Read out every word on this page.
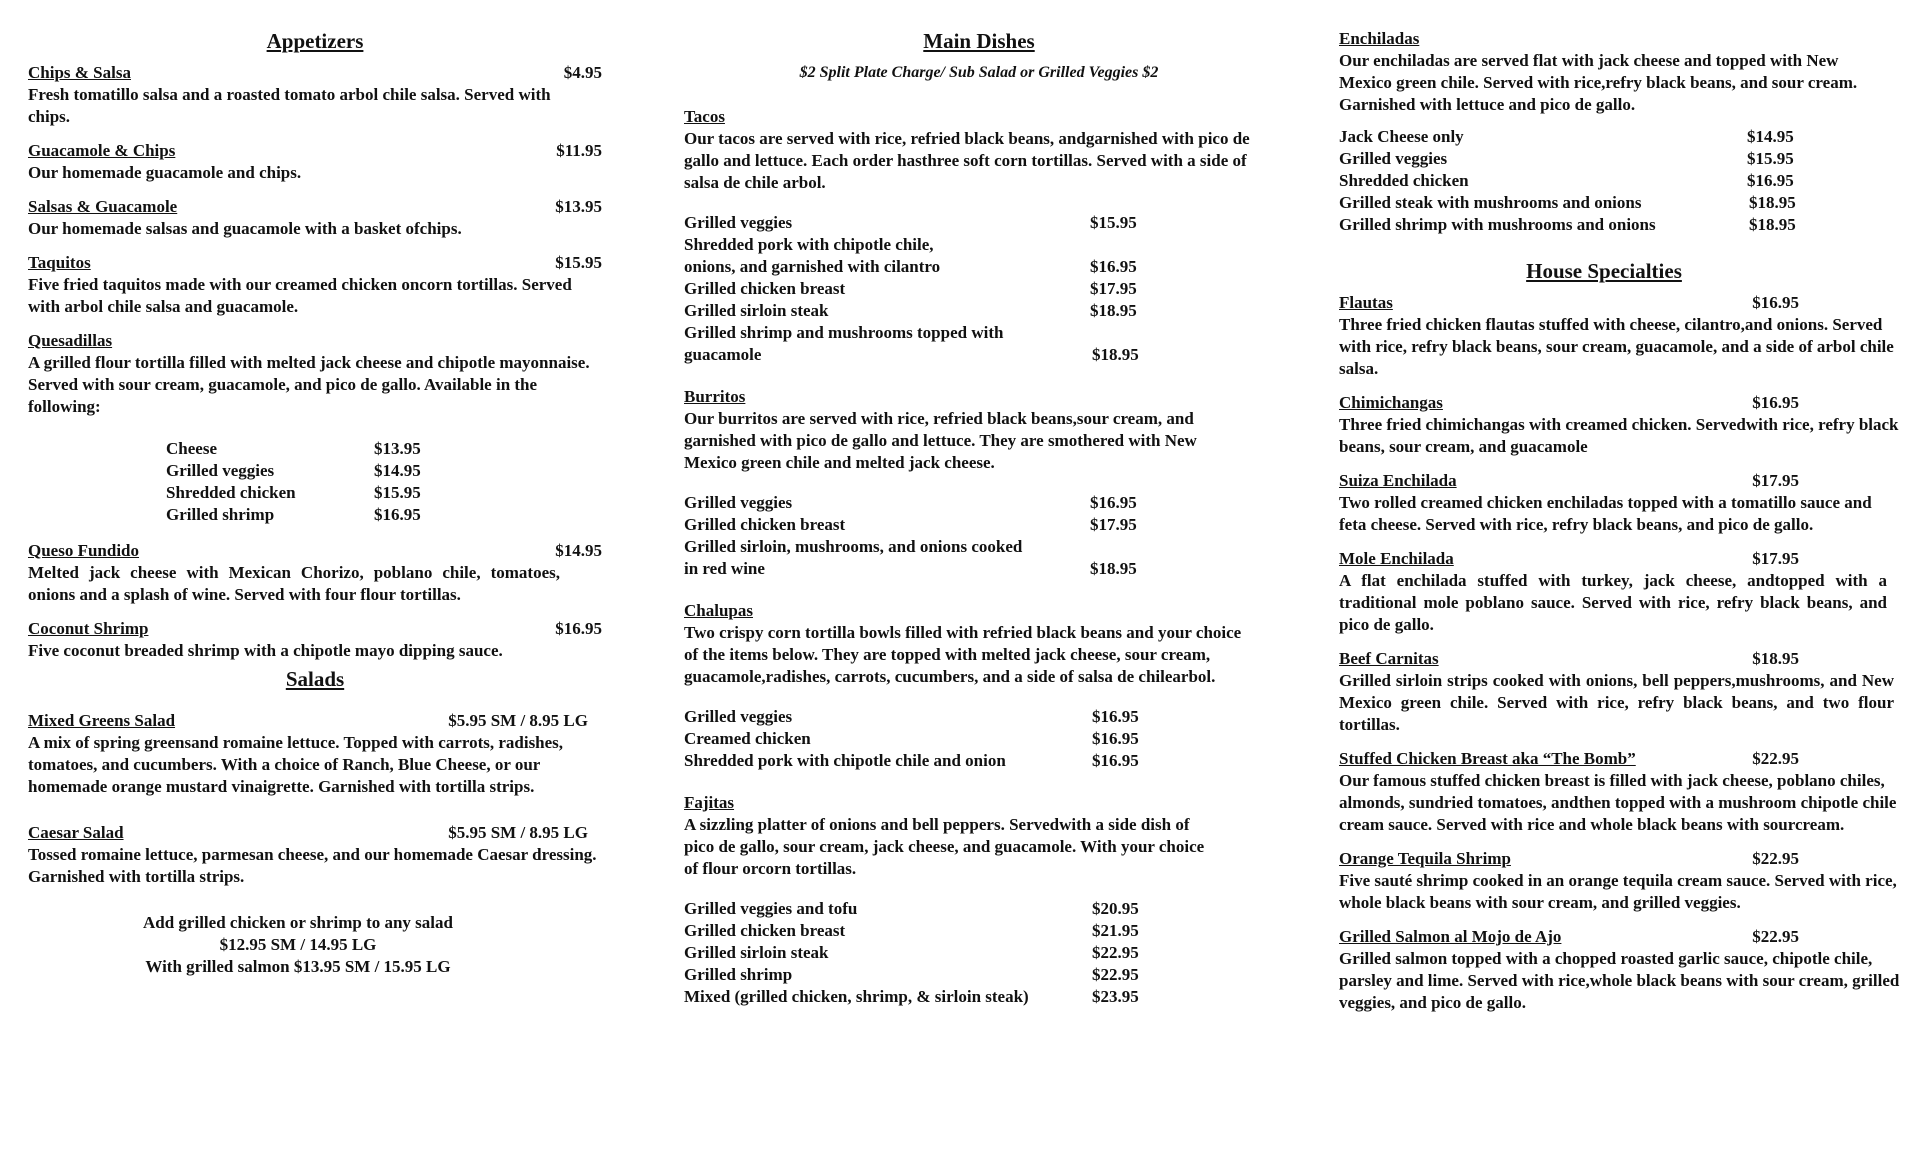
Appetizers
Chips & Salsa	$4.95
Fresh tomatillo salsa and a roasted tomato arbol chile salsa. Served with chips.
Guacamole & Chips	$11.95
Our homemade guacamole and chips.
Salsas & Guacamole	$13.95
Our homemade salsas and guacamole with a basket ofchips.
Taquitos	$15.95
Five fried taquitos made with our creamed chicken oncorn tortillas. Served with arbol chile salsa and guacamole.
Quesadillas
A grilled flour tortilla filled with melted jack cheese and chipotle mayonnaise. Served with sour cream, guacamole, and pico de gallo. Available in the following:
Cheese	$13.95
Grilled veggies	$14.95
Shredded chicken	$15.95
Grilled shrimp	$16.95
Queso Fundido	$14.95
Melted jack cheese with Mexican Chorizo, poblano chile, tomatoes, onions and a splash of wine. Served with four flour tortillas.
Coconut Shrimp	$16.95
Five coconut breaded shrimp with a chipotle mayo dipping sauce.
Salads
Mixed Greens Salad	$5.95 SM / 8.95 LG
A mix of spring greensand romaine lettuce. Topped with carrots, radishes, tomatoes, and cucumbers. With a choice of Ranch, Blue Cheese, or our homemade orange mustard vinaigrette. Garnished with tortilla strips.
Caesar Salad	$5.95 SM / 8.95 LG
Tossed romaine lettuce, parmesan cheese, and our homemade Caesar dressing. Garnished with tortilla strips.
Add grilled chicken or shrimp to any salad
$12.95 SM / 14.95 LG
With grilled salmon $13.95 SM / 15.95 LG
Main Dishes
$2 Split Plate Charge/ Sub Salad or Grilled Veggies $2
Tacos
Our tacos are served with rice, refried black beans, andgarnished with pico de gallo and lettuce. Each order hasthree soft corn tortillas. Served with a side of salsa de chile arbol.
Grilled veggies	$15.95
Shredded pork with chipotle chile,
onions, and garnished with cilantro	$16.95
Grilled chicken breast	$17.95
Grilled sirloin steak	$18.95
Grilled shrimp and mushrooms topped with
guacamole	$18.95
Burritos
Our burritos are served with rice, refried black beans,sour cream, and garnished with pico de gallo and lettuce. They are smothered with New Mexico green chile and melted jack cheese.
Grilled veggies	$16.95
Grilled chicken breast	$17.95
Grilled sirloin, mushrooms, and onions cooked
in red wine	$18.95
Chalupas
Two crispy corn tortilla bowls filled with refried black beans and your choice of the items below. They are topped with melted jack cheese, sour cream, guacamole,radishes, carrots, cucumbers, and a side of salsa de chilearbol.
Grilled veggies	$16.95
Creamed chicken	$16.95
Shredded pork with chipotle chile and onion	$16.95
Fajitas
A sizzling platter of onions and bell peppers. Servedwith a side dish of pico de gallo, sour cream, jack cheese, and guacamole. With your choice of flour orcorn tortillas.
Grilled veggies and tofu	$20.95
Grilled chicken breast	$21.95
Grilled sirloin steak	$22.95
Grilled shrimp	$22.95
Mixed (grilled chicken, shrimp, & sirloin steak)	$23.95
Enchiladas
Our enchiladas are served flat with jack cheese and topped with New Mexico green chile. Served with rice,refry black beans, and sour cream. Garnished with lettuce and pico de gallo.
Jack Cheese only	$14.95
Grilled veggies	$15.95
Shredded chicken	$16.95
Grilled steak with mushrooms and onions	$18.95
Grilled shrimp with mushrooms and onions	$18.95
House Specialties
Flautas	$16.95
Three fried chicken flautas stuffed with cheese, cilantro,and onions. Served with rice, refry black beans, sour cream, guacamole, and a side of arbol chile salsa.
Chimichangas	$16.95
Three fried chimichangas with creamed chicken. Servedwith rice, refry black beans, sour cream, and guacamole
Suiza Enchilada	$17.95
Two rolled creamed chicken enchiladas topped with a tomatillo sauce and feta cheese. Served with rice, refry black beans, and pico de gallo.
Mole Enchilada	$17.95
A flat enchilada stuffed with turkey, jack cheese, andtopped with a traditional mole poblano sauce. Served with rice, refry black beans, and pico de gallo.
Beef Carnitas	$18.95
Grilled sirloin strips cooked with onions, bell peppers,mushrooms, and New Mexico green chile. Served with rice, refry black beans, and two flour tortillas.
Stuffed Chicken Breast aka “The Bomb”	$22.95
Our famous stuffed chicken breast is filled with jack cheese, poblano chiles, almonds, sundried tomatoes, andthen topped with a mushroom chipotle chile cream sauce. Served with rice and whole black beans with sourcream.
Orange Tequila Shrimp	$22.95
Five sauté shrimp cooked in an orange tequila cream sauce. Served with rice, whole black beans with sour cream, and grilled veggies.
Grilled Salmon al Mojo de Ajo	$22.95
Grilled salmon topped with a chopped roasted garlic sauce, chipotle chile, parsley and lime. Served with rice,whole black beans with sour cream, grilled veggies, and pico de gallo.
